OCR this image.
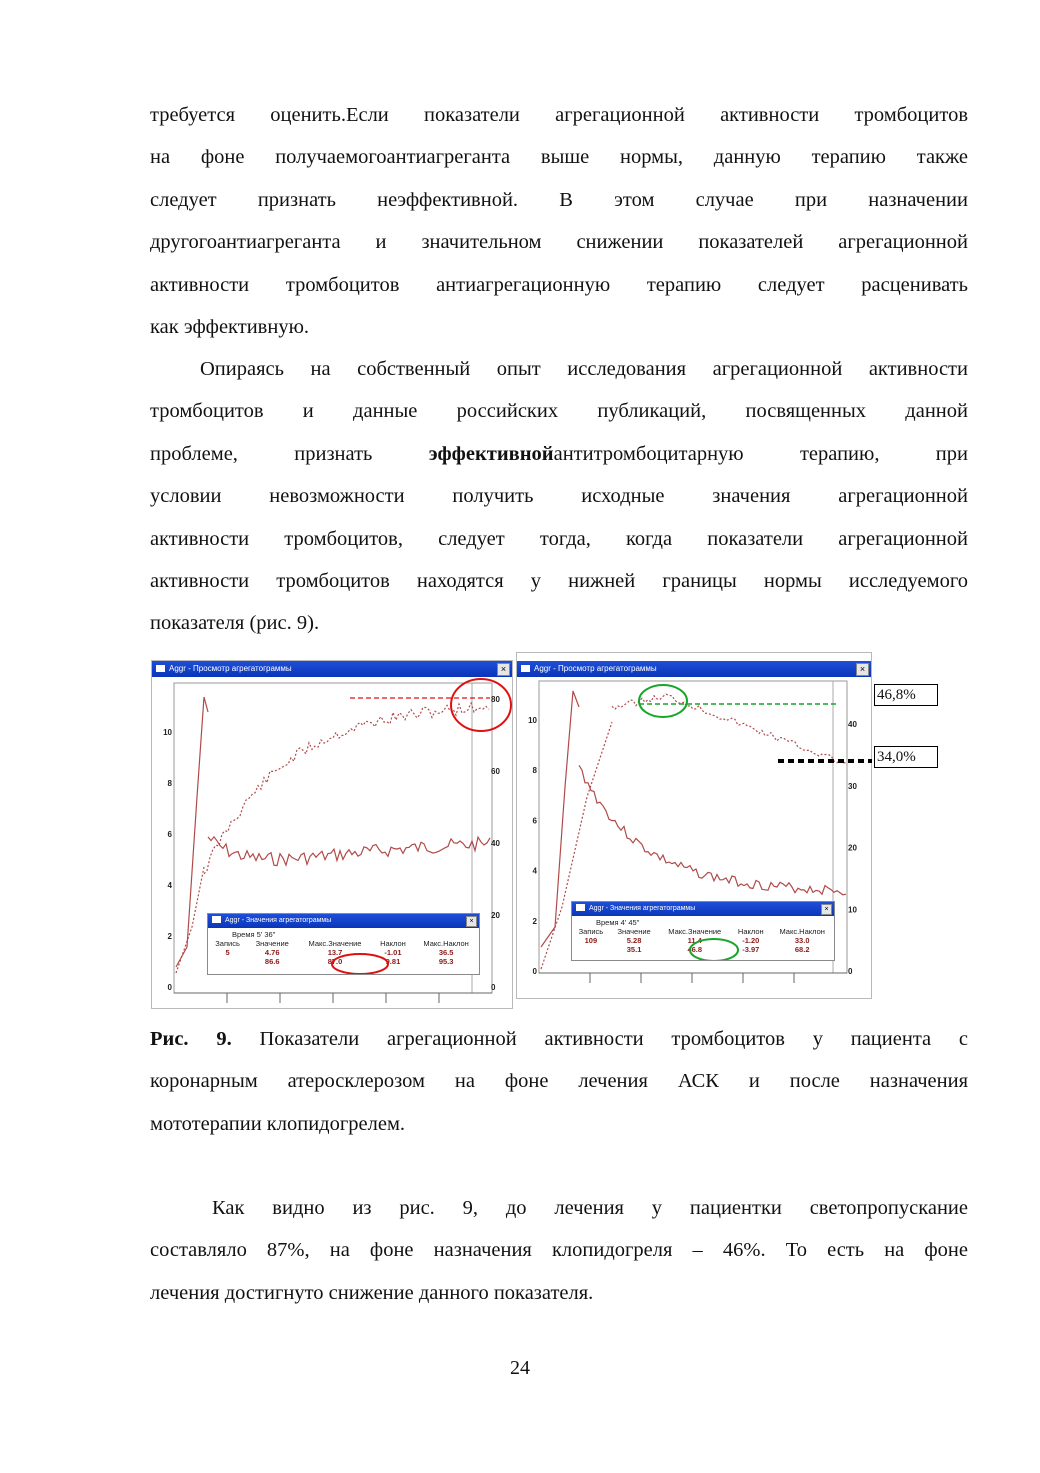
требуется оценить.Если показатели агрегационной активности тромбоцитов
на фоне получаемогоантиагреганта выше нормы, данную терапию также
следует признать неэффективной. В этом случае при назначении
другогоантиагреганта и значительном снижении показателей агрегационной
активности тромбоцитов антиагрегационную терапию следует расценивать
как эффективную.
Опираясь на собственный опыт исследования агрегационной активности
тромбоцитов и данные российских публикаций, посвященных данной
проблеме, признать эффективнойантитромбоцитарную терапию, при
условии невозможности получить исходные значения агрегационной
активности тромбоцитов, следует тогда, когда показатели агрегационной
активности тромбоцитов находятся у нижней границы нормы исследуемого
показателя (рис. 9).
Aggr - Просмотр агрегатограммы	×
10
8
6
4
2
0
80
60
40
20
0
Aggr - Значения агрегатограммы	×
Время 5' 36"
Запись	Значение	Макс.Значение	Наклон	Макс.Наклон
5	4.76	13.7	-1.01	36.5
	86.6	87.0	9.81	95.3
Aggr - Просмотр агрегатограммы	×
10
8
6
4
2
0
40
30
20
10
0
Aggr - Значения агрегатограммы	×
Время 4' 45"
Запись	Значение	Макс.Значение	Наклон	Макс.Наклон
109	5.28	11.4	-1.20	33.0
	35.1	46.8	-3.97	68.2
46,8%
34,0%
Рис. 9. Показатели агрегационной активности тромбоцитов у пациента с
коронарным атеросклерозом на фоне лечения АСК и после назначения
мототерапии клопидогрелем.
Как видно из рис. 9, до лечения у пациентки светопропускание
составляло 87%, на фоне назначения клопидогреля – 46%. То есть на фоне
лечения достигнуто снижение данного показателя.
24
